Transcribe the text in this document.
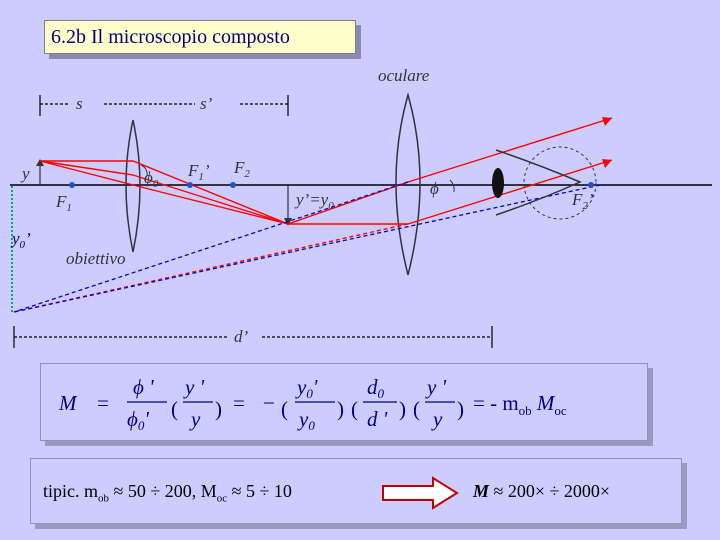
6.2b Il microscopio composto
s	s’
oculare
y
$F_1$
$\phi_0$
$F_1$’ $F_2$
$y’=y_0$
ϕ
$F_2$’
$y_0$’
obiettivo
d’
M =
ϕ '
ϕ0' (
y '
y ) = − (
y0'
y0
) (
d0
d ' ) (
y '
y ) = - $m_{ob}$ $M_{oc}$
tipic. $m_{ob} \approx 50 \div 200$, $M_{oc} \approx 5 \div 10$	M ≈ 200× ÷ 2000×
